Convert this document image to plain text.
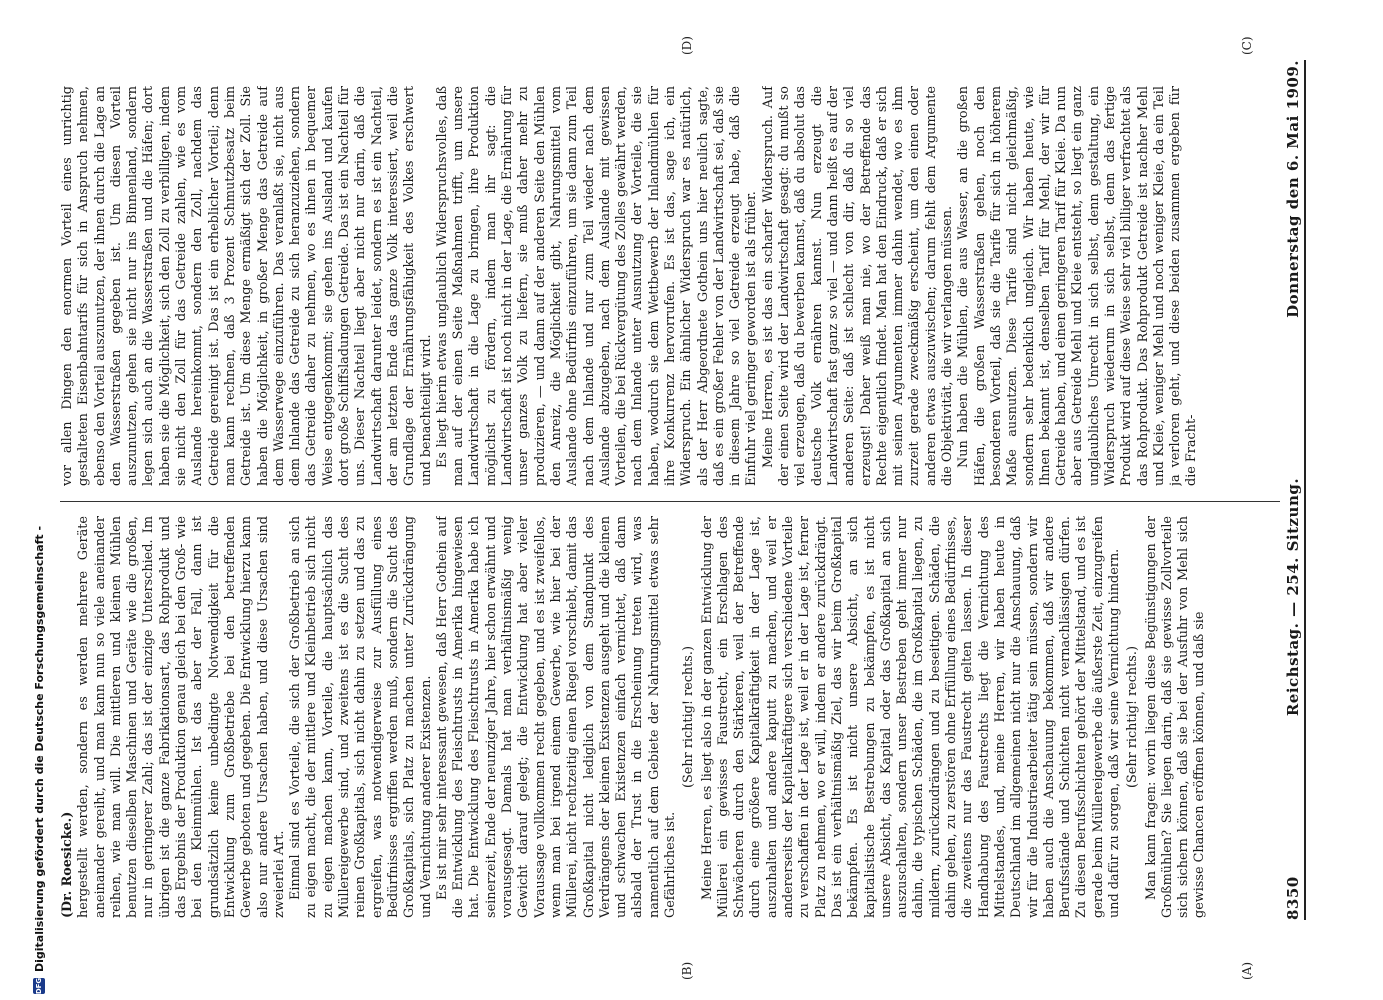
DFG
Digitalisierung gefördert durch die Deutsche Forschungsgemeinschaft -	8350
Reichstag. — 254. Sitzung.
Donnerstag den 6. Mai 1909.
(A)
(B)
(C)
(D)

(Dr. Roesicke.) hergestellt werden, sondern es werden mehrere Geräte aneinander gereiht, und man kann nun so viele aneinander reihen, wie man will. Die mittleren und kleinen Mühlen benutzen dieselben Maschinen und Geräte wie die großen, nur in geringerer Zahl; das ist der einzige Unterschied. Im übrigen ist die ganze Fabrikationsart, das Rohprodukt und das Ergebnis der Produktion genau gleich bei den Groß- wie bei den Kleinmühlen. Ist das aber der Fall, dann ist grundsätzlich keine unbedingte Notwendigkeit für die Entwicklung zum Großbetriebe bei den betreffenden Gewerbe geboten und gegeben. Die Entwicklung hierzu kann also nur andere Ursachen haben, und diese Ursachen sind zweierlei Art. Einmal sind es Vorteile, die sich der Großbetrieb an sich zu eigen macht, die der mittlere und Kleinbetrieb sich nicht zu eigen machen kann, Vorteile, die hauptsächlich das Müllereigewerbe sind, und zweitens ist es die Sucht des reinen Großkapitals, sich nicht dahin zu setzen und das zu ergreifen, was notwendigerweise zur Ausfüllung eines Bedürfnisses ergriffen werden muß, sondern die Sucht des Großkapitals, sich Platz zu machen unter Zurückdrängung und Vernichtung anderer Existenzen. Es ist mir sehr interessant gewesen, daß Herr Gothein auf die Entwicklung des Fleischtrusts in Amerika hingewiesen hat. Die Entwicklung des Fleischtrusts in Amerika habe ich seinerzeit, Ende der neunziger Jahre, hier schon erwähnt und vorausgesagt. Damals hat man verhältnismäßig wenig Gewicht darauf gelegt; die Entwicklung hat aber vieler Voraussage vollkommen recht gegeben, und es ist zweifellos, wenn man bei irgend einem Gewerbe, wie hier bei der Müllerei, nicht rechtzeitig einen Riegel vorschiebt, damit das Großkapital nicht lediglich von dem Standpunkt des Verdrängens der kleinen Existenzen ausgeht und die kleinen und schwachen Existenzen einfach vernichtet, daß dann alsbald der Trust in die Erscheinung treten wird, was namentlich auf dem Gebiete der Nahrungsmittel etwas sehr Gefährliches ist.

(Sehr richtig! rechts.) Meine Herren, es liegt also in der ganzen Entwicklung der Müllerei ein gewisses Faustrecht, ein Erschlagen des Schwächeren durch den Stärkeren, weil der Betreffende durch eine größere Kapitalkräftigkeit in der Lage ist, auszuhalten und andere kaputt zu machen, und weil er andererseits der Kapitalkräftigere sich verschiedene Vorteile zu verschaffen in der Lage ist, weil er in der Lage ist, ferner Platz zu nehmen, wo er will, indem er andere zurückdrängt. Das ist ein verhältnismäßig Ziel, das wir beim Großkapital bekämpfen. Es ist nicht unsere Absicht, an sich kapitalistische Bestrebungen zu bekämpfen, es ist nicht unsere Absicht, das Kapital oder das Großkapital an sich auszuschalten, sondern unser Bestreben geht immer nur dahin, die typischen Schäden, die im Großkapital liegen, zu mildern, zurückzudrängen und zu beseitigen. Schäden, die dahin gehen, zu zerstören ohne Erfüllung eines Bedürfnisses, die zweitens nur das Faustrecht gelten lassen. In dieser Handhabung des Faustrechts liegt die Vernichtung des Mittelstandes, und, meine Herren, wir haben heute in Deutschland im allgemeinen nicht nur die Anschauung, daß wir für die Industriearbeiter tätig sein müssen, sondern wir haben auch die Anschauung bekommen, daß wir andere Berufsstände und Schichten nicht vernachlässigen dürfen. Zu diesen Berufsschichten gehört der Mittelstand, und es ist gerade beim Müllereigewerbe die äußerste Zeit, einzugreifen und dafür zu sorgen, daß wir seine Vernichtung hindern. (Sehr richtig! rechts.) Man kann fragen: worin liegen diese Begünstigungen der Großmühlen? Sie liegen darin, daß sie gewisse Zollvorteile sich sichern können, daß sie bei der Ausfuhr von Mehl sich gewisse Chancen eröffnen können, und daß sie

vor allen Dingen den enormen Vorteil eines unrichtig gestalteten Eisenbahntarifs für sich in Anspruch nehmen, ebenso den Vorteil auszunutzen, der ihnen durch die Lage an den Wasserstraßen gegeben ist. Um diesen Vorteil auszunutzen, gehen sie nicht nur ins Binnenland, sondern legen sich auch an die Wasserstraßen und die Häfen; dort haben sie die Möglichkeit, sich den Zoll zu verbilligen, indem sie nicht den Zoll für das Getreide zahlen, wie es vom Auslande hereinkommt, sondern den Zoll, nachdem das Getreide gereinigt ist. Das ist ein erheblicher Vorteil; denn man kann rechnen, daß 3 Prozent Schmutzbesatz beim Getreide ist. Um diese Menge ermäßigt sich der Zoll. Sie haben die Möglichkeit, in großer Menge das Getreide auf dem Wasserwege einzuführen. Das veranlaßt sie, nicht aus dem Inlande das Getreide zu sich heranzuziehen, sondern das Getreide daher zu nehmen, wo es ihnen in bequemer Weise entgegenkommt; sie gehen ins Ausland und kaufen dort große Schiffsladungen Getreide. Das ist ein Nachteil für uns. Dieser Nachteil liegt aber nicht nur darin, daß die Landwirtschaft darunter leidet, sondern es ist ein Nachteil, der am letzten Ende das ganze Volk interessiert, weil die Grundlage der Ernährungsfähigkeit des Volkes erschwert und benachteiligt wird. Es liegt hierin etwas unglaublich Widerspruchsvolles, daß man auf der einen Seite Maßnahmen trifft, um unsere Landwirtschaft in die Lage zu bringen, ihre Produktion möglichst zu fördern, indem man ihr sagt: die Landwirtschaft ist noch nicht in der Lage, die Ernährung für unser ganzes Volk zu liefern, sie muß daher mehr zu produzieren, — und dann auf der anderen Seite den Mühlen den Anreiz, die Möglichkeit gibt, Nahrungsmittel vom Auslande ohne Bedürfnis einzuführen, um sie dann zum Teil nach dem Inlande und nur zum Teil wieder nach dem Auslande abzugeben, nach dem Auslande mit gewissen Vorteilen, die bei Rückvergütung des Zolles gewährt werden, nach dem Inlande unter Ausnutzung der Vorteile, die sie haben, wodurch sie dem Wettbewerb der Inlandmühlen für ihre Konkurrenz hervorrufen. Es ist das, sage ich, ein Widerspruch. Ein ähnlicher Widerspruch war es natürlich, als der Herr Abgeordnete Gothein uns hier neulich sagte, daß es ein großer Fehler von der Landwirtschaft sei, daß sie in diesem Jahre so viel Getreide erzeugt habe, daß die Einfuhr viel geringer geworden ist als früher. Meine Herren, es ist das ein scharfer Widerspruch. Auf der einen Seite wird der Landwirtschaft gesagt: du mußt so viel erzeugen, daß du bewerben kannst, daß du absolut das deutsche Volk ernähren kannst. Nun erzeugt die Landwirtschaft fast ganz so viel — und dann heißt es auf der anderen Seite: daß ist schlecht von dir, daß du so viel erzeugst! Daher weiß man nie, wo der Betreffende das Rechte eigentlich findet. Man hat den Eindruck, daß er sich mit seinen Argumenten immer dahin wendet, wo es ihm zurzeit gerade zweckmäßig erscheint, um den einen oder anderen etwas auszuwischen; darum fehlt dem Argumente die Objektivität, die wir verlangen müssen. Nun haben die Mühlen, die aus Wasser, an die großen Häfen, die großen Wasserstraßen gehen, noch den besonderen Vorteil, daß sie die Tarife für sich in höherem Maße ausnutzen. Diese Tarife sind nicht gleichmäßig, sondern sehr bedenklich ungleich. Wir haben heute, wie Ihnen bekannt ist, denselben Tarif für Mehl, der wir für Getreide haben, und einen geringeren Tarif für Kleie. Da nun aber aus Getreide Mehl und Kleie entsteht, so liegt ein ganz unglaubliches Unrecht in sich selbst, denn gestaltung, ein Widerspruch wiederum in sich selbst, denn das fertige Produkt wird auf diese Weise sehr viel billiger verfrachtet als das Rohprodukt. Das Rohprodukt Getreide ist nachher Mehl und Kleie, weniger Mehl und noch weniger Kleie, da ein Teil ja verloren geht, und diese beiden zusammen ergeben für die Fracht-
